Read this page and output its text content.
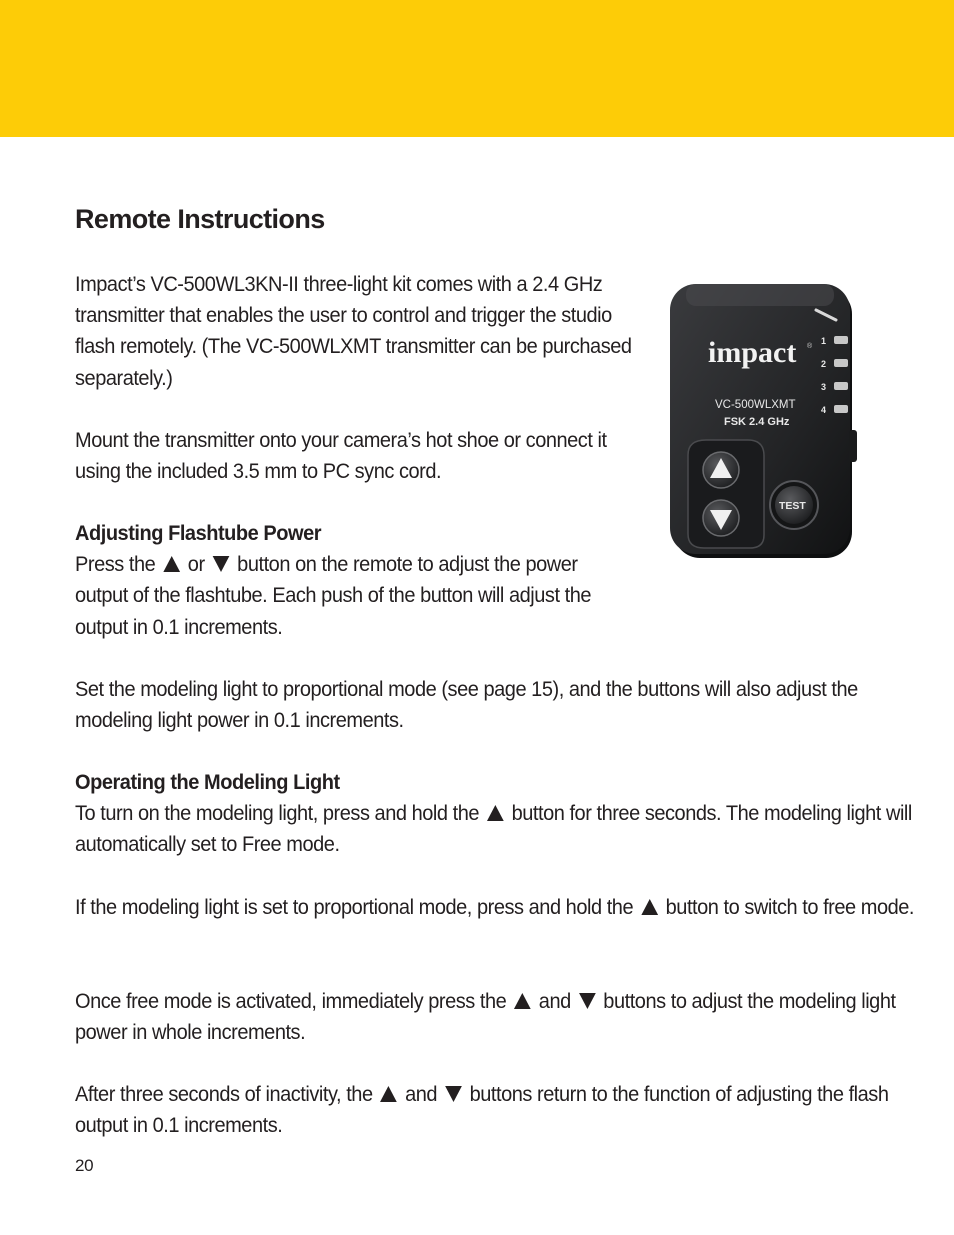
Remote Instructions

Impact’s VC-500WL3KN-II three-light kit comes with a 2.4 GHz transmitter that enables the user to control and trigger the studio flash remotely. (The VC-500WLXMT transmitter can be purchased separately.)

Mount the transmitter onto your camera’s hot shoe or connect it using the included 3.5 mm to PC sync cord.

Adjusting Flashtube Power
Press the or button on the remote to adjust the power output of the flashtube. Each push of the button will adjust the output in 0.1 increments.

Set the modeling light to proportional mode (see page 15), and the buttons will also adjust the modeling light power in 0.1 increments.

Operating the Modeling Light
To turn on the modeling light, press and hold the button for three seconds. The modeling light will automatically set to Free mode.

If the modeling light is set to proportional mode, press and hold the button to switch to free mode.

Once free mode is activated, immediately press the and buttons to adjust the modeling light power in whole increments.

After three seconds of inactivity, the and buttons return to the function of adjusting the flash output in 0.1 increments.

20
impact ®
VC-500WLXMT
FSK 2.4 GHz
1
2
3
4
TEST
